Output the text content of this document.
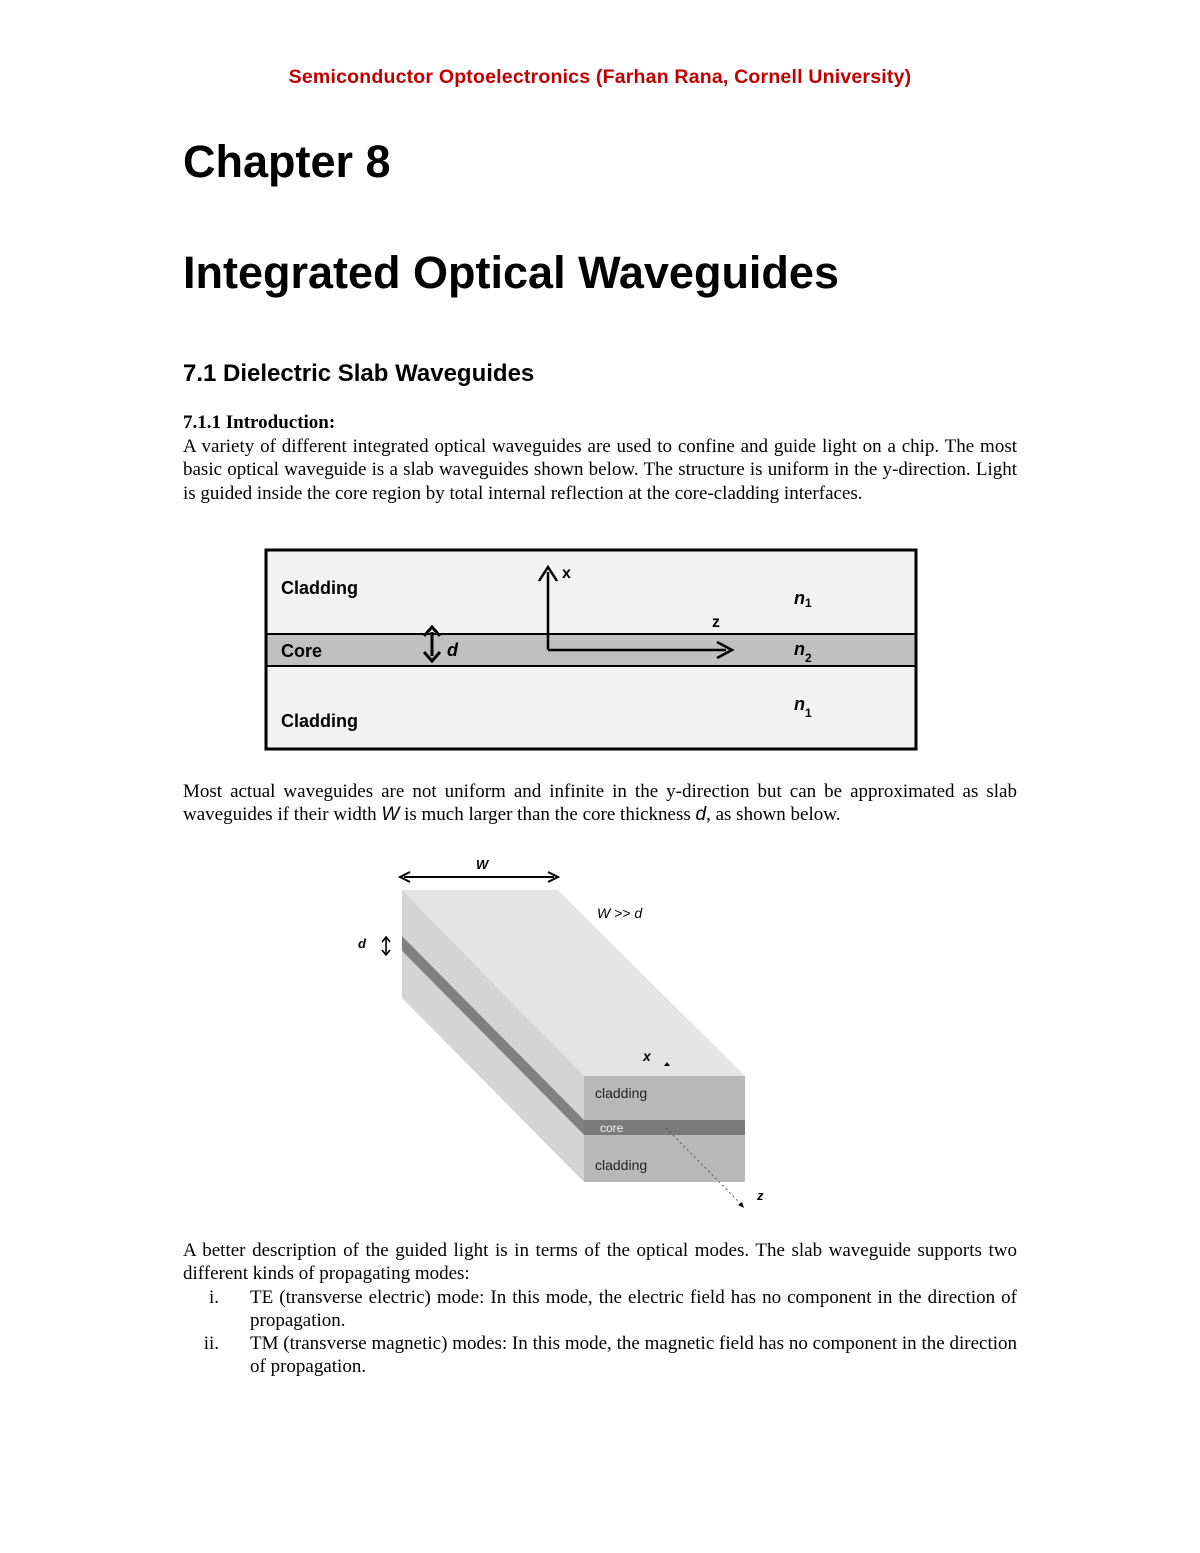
Semiconductor Optoelectronics (Farhan Rana, Cornell University)
Chapter 8
Integrated Optical Waveguides
7.1 Dielectric Slab Waveguides
7.1.1 Introduction:
A variety of different integrated optical waveguides are used to confine and guide light on a chip. The most basic optical waveguide is a slab waveguides shown below. The structure is uniform in the y-direction. Light is guided inside the core region by total internal reflection at the core-cladding interfaces.
Cladding
Core
Cladding
d
x
z
n1
$n_2$
$n_1$
Most actual waveguides are not uniform and infinite in the y-direction but can be approximated as slab waveguides if their width W is much larger than the core thickness d, as shown below.
W
W >> d
d
x
cladding
core
cladding
z
A better description of the guided light is in terms of the optical modes. The slab waveguide supports two different kinds of propagating modes:
i. TE (transverse electric) mode: In this mode, the electric field has no component in the direction of propagation.
ii. TM (transverse magnetic) modes: In this mode, the magnetic field has no component in the direction of propagation.
